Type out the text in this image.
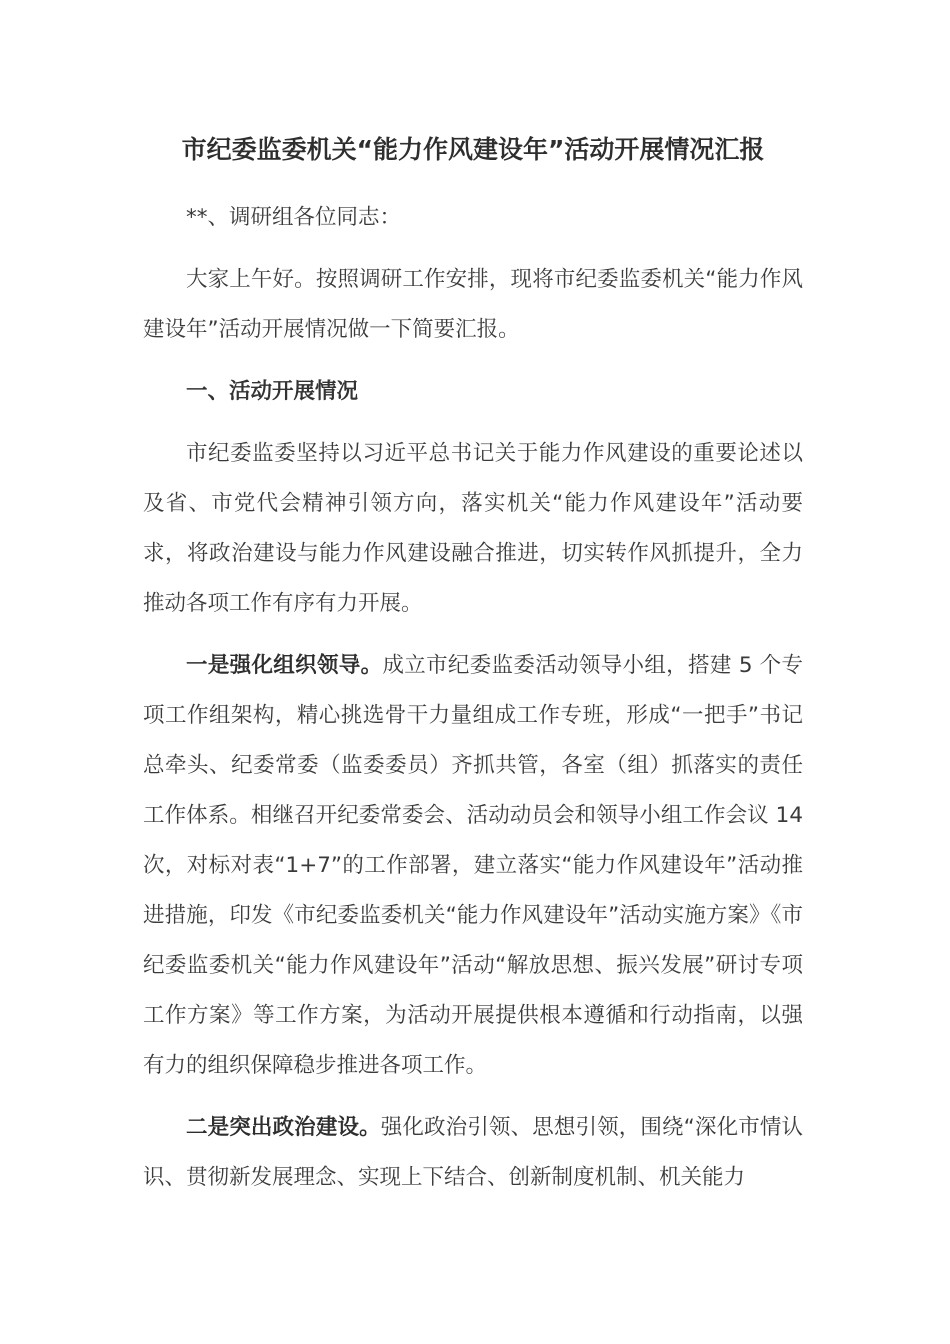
市纪委监委机关“能力作风建设年”活动开展情况汇报

**、调研组各位同志：

大家上午好。按照调研工作安排，现将市纪委监委机关“能力作风建设年”活动开展情况做一下简要汇报。

一、活动开展情况

市纪委监委坚持以习近平总书记关于能力作风建设的重要论述以及省、市党代会精神引领方向，落实机关“能力作风建设年”活动要求，将政治建设与能力作风建设融合推进，切实转作风抓提升，全力推动各项工作有序有力开展。

一是强化组织领导。成立市纪委监委活动领导小组，搭建 5 个专项工作组架构，精心挑选骨干力量组成工作专班，形成“一把手”书记总牵头、纪委常委（监委委员）齐抓共管，各室（组）抓落实的责任工作体系。相继召开纪委常委会、活动动员会和领导小组工作会议 14 次，对标对表“1+7”的工作部署，建立落实“能力作风建设年”活动推进措施，印发《市纪委监委机关“能力作风建设年”活动实施方案》《市纪委监委机关“能力作风建设年”活动“解放思想、振兴发展”研讨专项工作方案》等工作方案，为活动开展提供根本遵循和行动指南，以强有力的组织保障稳步推进各项工作。

二是突出政治建设。强化政治引领、思想引领，围绕“深化市情认识、贯彻新发展理念、实现上下结合、创新制度机制、机关能力
